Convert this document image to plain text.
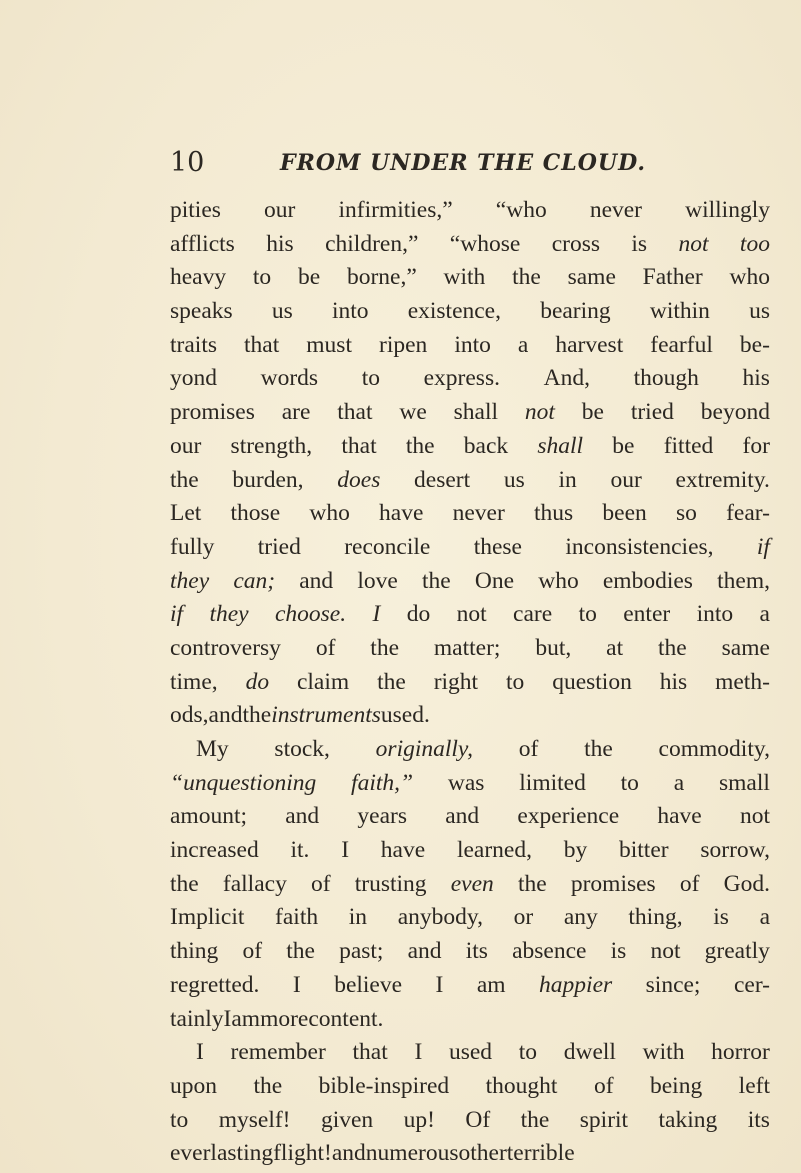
10	FROM UNDER THE CLOUD.
pities our infirmities,” “who never willingly
afflicts his children,” “whose cross is not too
heavy to be borne,” with the same Father who
speaks us into existence, bearing within us
traits that must ripen into a harvest fearful be-
yond words to express. And, though his
promises are that we shall not be tried beyond
our strength, that the back shall be fitted for
the burden, does desert us in our extremity.
Let those who have never thus been so fear-
fully tried reconcile these inconsistencies, if
they can; and love the One who embodies them,
if they choose. I do not care to enter into a
controversy of the matter; but, at the same
time, do claim the right to question his meth-
ods, and the instruments used.
My stock, originally, of the commodity,
“unquestioning faith,” was limited to a small
amount; and years and experience have not
increased it. I have learned, by bitter sorrow,
the fallacy of trusting even the promises of God.
Implicit faith in anybody, or any thing, is a
thing of the past; and its absence is not greatly
regretted. I believe I am happier since; cer-
tainly I am more content.
I remember that I used to dwell with horror
upon the bible-inspired thought of being left
to myself! given up! Of the spirit taking its
everlasting flight! and numerous other terrible
